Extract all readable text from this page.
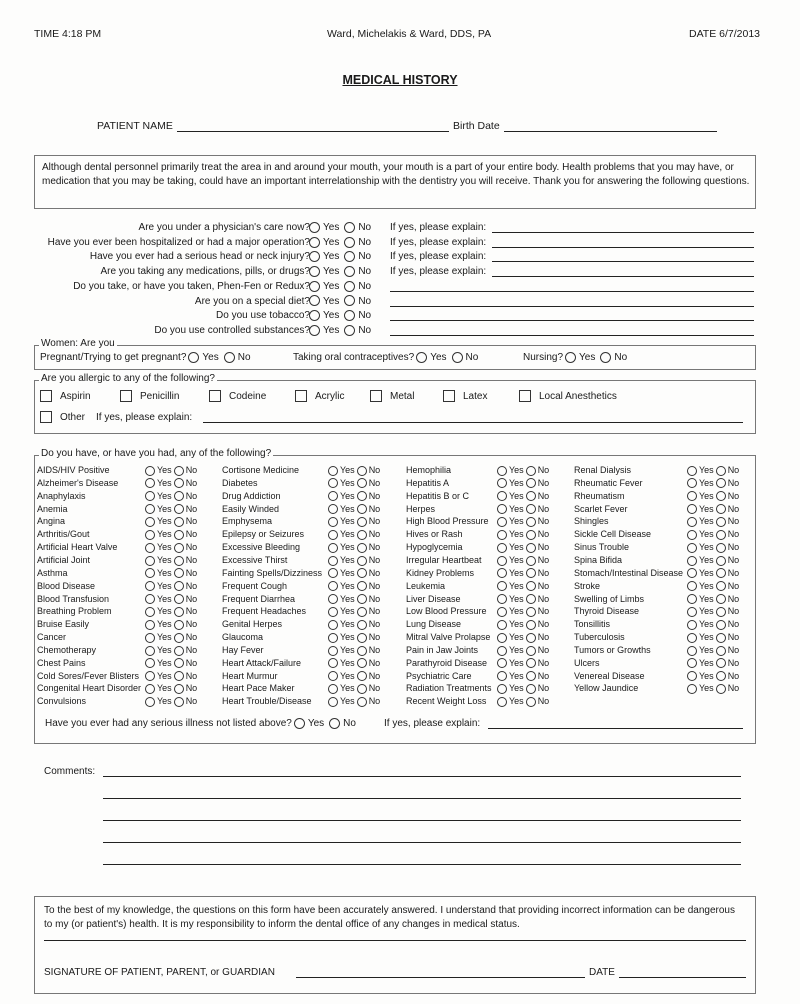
TIME 4:18 PM	Ward, Michelakis & Ward, DDS, PA	DATE 6/7/2013
MEDICAL HISTORY
PATIENT NAME	Birth Date
Although dental personnel primarily treat the area in and around your mouth, your mouth is a part of your entire body. Health problems that you may have, or medication that you may be taking, could have an important interrelationship with the dentistry you will receive. Thank you for answering the following questions.
Are you under a physician's care now?	Yes No If yes, please explain:
Have you ever been hospitalized or had a major operation?	Yes No If yes, please explain:
Have you ever had a serious head or neck injury?	Yes No If yes, please explain:
Are you taking any medications, pills, or drugs?	Yes No If yes, please explain:
Do you take, or have you taken, Phen-Fen or Redux?	Yes No
Are you on a special diet?	Yes No
Do you use tobacco?	Yes No
Do you use controlled substances?	Yes No
Women: Are you
Pregnant/Trying to get pregnant? Yes No	Taking oral contraceptives? Yes No	Nursing? Yes No
Are you allergic to any of the following?
Aspirin	Penicillin	Codeine	Acrylic	Metal	Latex	Local Anesthetics
Other If yes, please explain:
Do you have, or have you had, any of the following?
AIDS/HIV Positive	Yes No
Alzheimer's Disease	Yes No
Anaphylaxis	Yes No
Anemia	Yes No
Angina	Yes No
Arthritis/Gout	Yes No
Artificial Heart Valve	Yes No
Artificial Joint	Yes No
Asthma	Yes No
Blood Disease	Yes No
Blood Transfusion	Yes No
Breathing Problem	Yes No
Bruise Easily	Yes No
Cancer	Yes No
Chemotherapy	Yes No
Chest Pains	Yes No
Cold Sores/Fever Blisters	Yes No
Congenital Heart Disorder	Yes No
Convulsions	Yes No
Cortisone Medicine	Yes No
Diabetes	Yes No
Drug Addiction	Yes No
Easily Winded	Yes No
Emphysema	Yes No
Epilepsy or Seizures	Yes No
Excessive Bleeding	Yes No
Excessive Thirst	Yes No
Fainting Spells/Dizziness	Yes No
Frequent Cough	Yes No
Frequent Diarrhea	Yes No
Frequent Headaches	Yes No
Genital Herpes	Yes No
Glaucoma	Yes No
Hay Fever	Yes No
Heart Attack/Failure	Yes No
Heart Murmur	Yes No
Heart Pace Maker	Yes No
Heart Trouble/Disease	Yes No
Hemophilia	Yes No
Hepatitis A	Yes No
Hepatitis B or C	Yes No
Herpes	Yes No
High Blood Pressure	Yes No
Hives or Rash	Yes No
Hypoglycemia	Yes No
Irregular Heartbeat	Yes No
Kidney Problems	Yes No
Leukemia	Yes No
Liver Disease	Yes No
Low Blood Pressure	Yes No
Lung Disease	Yes No
Mitral Valve Prolapse	Yes No
Pain in Jaw Joints	Yes No
Parathyroid Disease	Yes No
Psychiatric Care	Yes No
Radiation Treatments	Yes No
Recent Weight Loss	Yes No
Renal Dialysis	Yes No
Rheumatic Fever	Yes No
Rheumatism	Yes No
Scarlet Fever	Yes No
Shingles	Yes No
Sickle Cell Disease	Yes No
Sinus Trouble	Yes No
Spina Bifida	Yes No
Stomach/Intestinal Disease	Yes No
Stroke	Yes No
Swelling of Limbs	Yes No
Thyroid Disease	Yes No
Tonsillitis	Yes No
Tuberculosis	Yes No
Tumors or Growths	Yes No
Ulcers	Yes No
Venereal Disease	Yes No
Yellow Jaundice	Yes No
Have you ever had any serious illness not listed above? Yes No	If yes, please explain:
Comments:
To the best of my knowledge, the questions on this form have been accurately answered. I understand that providing incorrect information can be dangerous to my (or patient's) health. It is my responsibility to inform the dental office of any changes in medical status.
SIGNATURE OF PATIENT, PARENT, or GUARDIAN	DATE
